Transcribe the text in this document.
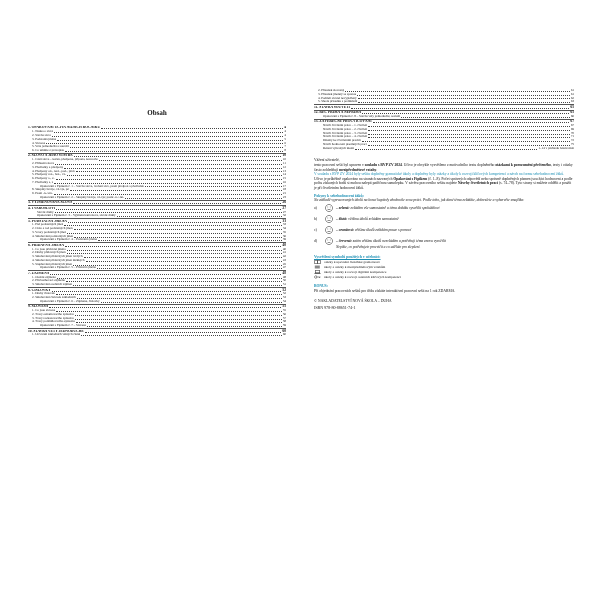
Obsah
1. OPAKOVÁNÍ UČIVA NIŽŠÍCH ROČNÍKŮ	4
1. Nauka o slově	4
2. Stavba slova	4
3. Podstatná jména	5
4. Slovesa	6
5. Věta jednoduchá a souvětí	7
6. Co umíme z pravopisu	8
2. SLOVO A JEHO STAVBA	10
1. Části slova – kořen, předpona, přípona, koncovka	10
2. Příbuzná slova	11
3. Předložky a předpony	12
4. Předpony od-, nad-, pod-, před-	13
5. Předpony roz-, bez-, vz-	14
6. Předpony s-, z-	15
7. Předložky s, z	16
Opakování s Fipikem č. 1 – Stavba slova, tvoření slov, psaní předpon a předložek	17
8. Skupiny bě-bje, vě-vje, pě	18
9. Psaní -n-/-nn-	21
Opakování s Fipikem č. 2 – Skupiny bě-bje, vě-vje; psaní -n-/-nn-	23
3. VYJMENOVANÁ SLOVA	26
4. TVAROSLOVÍ	27
Slovní druhy	27
Opakování s Fipikem č. 3 – Vyjmenovaná slova, slovní druhy	32
5. PODSTATNÁ JMÉNA	33
1. Pád podstatných jmen	33
2. Číslo a rod podstatných jmen	34
3. Vzory podstatných jmen	35
4. Skloňování podstatných jmen	36
Opakování s Fipikem č. 4 – Podstatná jména	39
6. PŘÍDAVNÁ JMÉNA	40
1. Co jsou přídavná jména	40
2. Druhy přídavných jmen	41
3. Skloňování přídavných jmen tvrdých	42
4. Skloňování přídavných jmen měkkých	43
5. Stupňování přídavných jmen	45
Opakování s Fipikem č. 5 – Přídavná jména	47
7. ZÁJMENA	48
1. Osobní zájmena	48
2. Přivlastňovací zájmena	50
3. Skloňování osobních zájmen	51
8. ČÍSLOVKY	52
1. Druhy číslovek	52
2. Skloňování číslovek základních	53
Opakování s Fipikem č. 6 – Zájmena, číslovky	54
9. SLOVESA	55
1. Co jsou slovesa	55
2. Tvary oznamovacího způsobu	56
3. Tvary rozkazovacího způsobu	57
4. Tvary podmiňovacího způsobu	58
Opakování s Fipikem č. 7 – Slovesa	59
10. STAVBA VĚTY JEDNODUCHÉ	60
1. Určování základních větných členů	60
2. Přísudek slovesný	61
3. Přísudek jmenný se sponou	61
4. Podmět slovně nevyjádřený	62
5. Shoda přísudku s podmětem	63
11. STAVBA SOUVĚTÍ	65
12. ŘEČ PŘÍMÁ A NEPŘÍMÁ	65
Opakování s Fipikem č. 8 – Stavba věty jednoduché, souvětí	66
13. ZÁVĚREČNÉ PROCVIČOVÁNÍ	67
Návrh čtvrtletní práce – 1. čtvrtletí	67
Návrh čtvrtletní práce – 2. čtvrtletí	69
Návrh čtvrtletní práce – 3. čtvrtletí	70
Návrh čtvrtletní práce – 4. čtvrtletí	71
Diktáty ke čtvrtletním pracím	72
Návrh hodnocení písemných prací	75
Řešení vybraných úkolů	1–14 v přehledu řešení úloh

Vážení uživatelé,

tento pracovní sešit byl upraven v souladu s RVP ZV 2024. Učivo je obvykle vysvětleno z motivačního textu doplněného otázkami k porozumění přečteného, texty i otázky často zohledňují mezipředmětové vztahy.

V souladu s RVP ZV 2024 byly sešitu doplněny gramatické úkoly a doplněny byly otázky a úkoly k rozvoji klíčových kompetencí a návrh na formu sebehodnocení žáků.

Učivo je průběžně opakováno na stranách nazvaných Opakování s Fipikem (č. 1–8). Počet správných odpovědí nebo správně doplněných písmen jsou žáci hodnoceni a podle počtu získaných bodů si mohou nalepit patřičnou samolepku. V závěru pracovního sešitu najdete Návrhy čtvrtletních prací (s. 74–78). Tyto strany si můžete oddělit a použít je při čtvrtletním hodnocení žáků.

Pokyny k sebehodnocení žáků:
Na základě vypracovaných úkolů na konci kapitoly zhodnoťte svou práci. Podle toho, jak dané téma zvládáte, dokreslete a vybarvěte smajlíka:
a)	– zelená: zvládám vše samostatně a téma dokážu vysvětlit spolužákovi
b)	– žlutá: většinu úkolů zvládám samostatně
c)	– oranžová: většinu úkolů zvládám pouze s pomocí
d)	– červená: zatím většinu úkolů nezvládám a potřebuji téma znovu vysvětlit
Nepište, co potřebujete procvičit a co uděláte pro zlepšení.
Vysvětlení symbolů použitých v učebnici:
otázky k upevnění čtenářské gramotnosti
úkoly a otázky k mezipředmětovým vztahům
úkoly a otázky k rozvoji digitální kompetence
úkoly a otázky k rozvoji ostatních klíčových kompetencí
BONUS:
Při objednání pracovních sešitů pro třídu získáte interaktivní pracovní sešit na 1 rok ZDARMA.
© NAKLADATELSTVÍ NOVÁ ŠKOLA – DUHA
ISBN 978-80-88651-74-1
